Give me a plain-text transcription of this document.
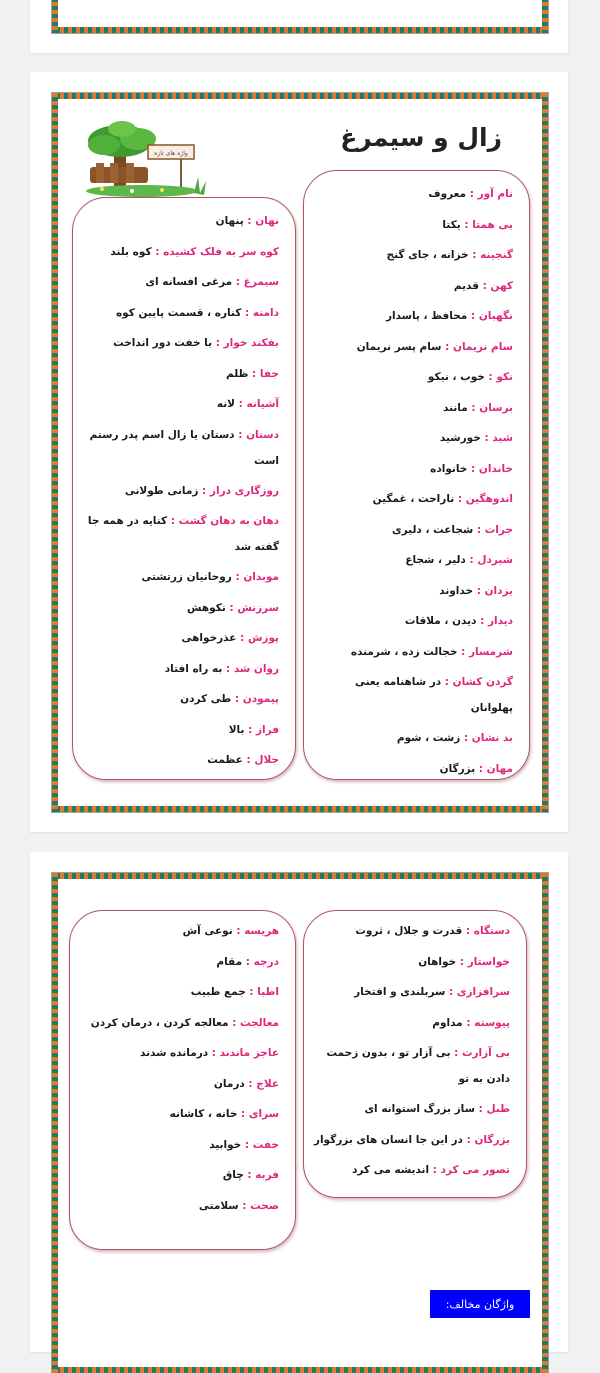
زال و سیمرغ
واژه های تازه
نام آور : معروف
بی همتا : یکتا
گنجینه : خزانه ، جای گنج
کهن : قدیم
نگهبان : محافظ ، پاسدار
سام نریمان : سام پسر نریمان
نکو : خوب ، نیکو
برسان : مانند
شید : خورشید
خاندان : خانواده
اندوهگین : ناراحت ، غمگین
جرات : شجاعت ، دلیری
شیردل : دلیر ، شجاع
یزدان : خداوند
دیدار : دیدن ، ملاقات
شرمسار : خجالت زده ، شرمنده
گردن کشان : در شاهنامه یعنی پهلوانان
بد نشان : زشت ، شوم
مهان : بزرگان
نهان : پنهان
کوه سر به فلک کشیده : کوه بلند
سیمرغ : مرغی افسانه ای
دامنه : کناره ، قسمت پایین کوه
بفکند خوار : با خفت دور انداخت
جفا : ظلم
آشیانه : لانه
دستان : دستان یا زال اسم پدر رستم است
روزگاری دراز : زمانی طولانی
دهان به دهان گشت : کنایه در همه جا گفته شد
موبدان : روحانیان زرتشتی
سرزنش : نکوهش
پوزش : عذرخواهی
روان شد : به راه افتاد
پیمودن : طی کردن
فراز : بالا
جلال : عظمت
دستگاه : قدرت و جلال ، ثروت
خواستار : خواهان
سرافزازی : سربلندی و افتخار
پیوسته : مداوم
بی آزارت : بی آزار تو ، بدون زحمت دادن به تو
طبل : ساز بزرگ استوانه ای
بزرگان : در این جا انسان های بزرگوار
تصور می کرد : اندیشه می کرد
هریسه : نوعی آش
درجه : مقام
اطبا : جمع طبیب
معالجت : معالجه کردن ، درمان کردن
عاجز ماندند : درمانده شدند
علاج : درمان
سرای : خانه ، کاشانه
خفت : خوابید
فربه : چاق
صحت : سلامتی
واژگان مخالف:
